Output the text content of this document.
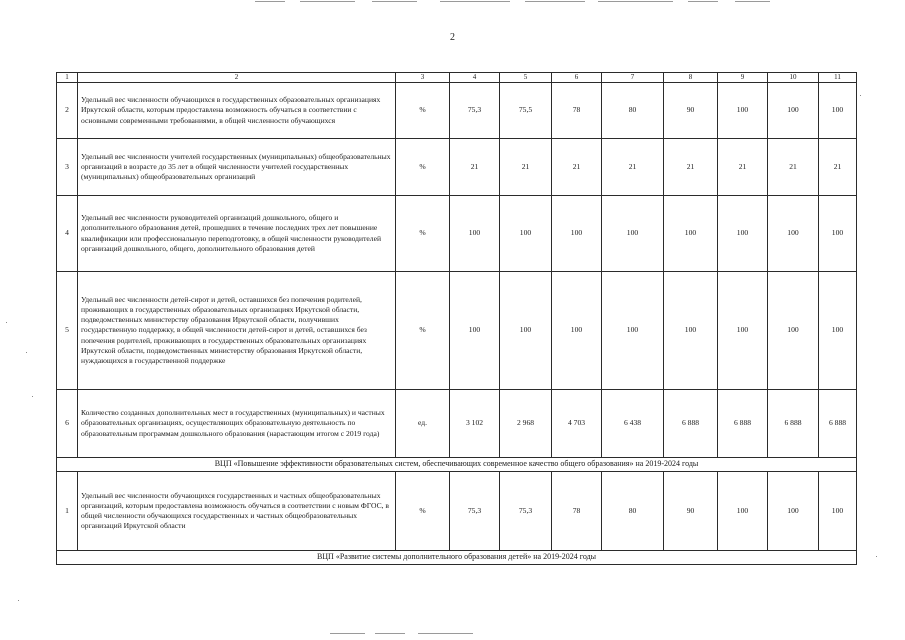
2
1	2	3	4	5	6	7	8	9	10	11
2	Удельный вес численности обучающихся в государственных образовательных организациях Иркутской области, которым предоставлена возможность обучаться в соответствии с основными современными требованиями, в общей численности обучающихся	%	75,3	75,5	78	80	90	100	100	100
3	Удельный вес численности учителей государственных (муниципальных) общеобразовательных организаций в возрасте до 35 лет в общей численности учителей государственных (муниципальных) общеобразовательных организаций	%	21	21	21	21	21	21	21	21
4	Удельный вес численности руководителей организаций дошкольного, общего и дополнительного образования детей, прошедших в течение последних трех лет повышение квалификации или профессиональную переподготовку, в общей численности руководителей организаций дошкольного, общего, дополнительного образования детей	%	100	100	100	100	100	100	100	100
5	Удельный вес численности детей-сирот и детей, оставшихся без попечения родителей, проживающих в государственных образовательных организациях Иркутской области, подведомственных министерству образования Иркутской области, получивших государственную поддержку, в общей численности детей-сирот и детей, оставшихся без попечения родителей, проживающих в государственных образовательных организациях Иркутской области, подведомственных министерству образования Иркутской области, нуждающихся в государственной поддержке	%	100	100	100	100	100	100	100	100
6	Количество созданных дополнительных мест в государственных (муниципальных) и частных образовательных организациях, осуществляющих образовательную деятельность по образовательным программам дошкольного образования (нарастающим итогом с 2019 года)	ед.	3 102	2 968	4 703	6 438	6 888	6 888	6 888	6 888
ВЦП «Повышение эффективности образовательных систем, обеспечивающих современное качество общего образования» на 2019-2024 годы										
1	Удельный вес численности обучающихся государственных и частных общеобразовательных организаций, которым предоставлена возможность обучаться в соответствии с новым ФГОС, в общей численности обучающихся государственных и частных общеобразовательных организаций Иркутской области	%	75,3	75,3	78	80	90	100	100	100
ВЦП «Развитие системы дополнительного образования детей» на 2019-2024 годы										
